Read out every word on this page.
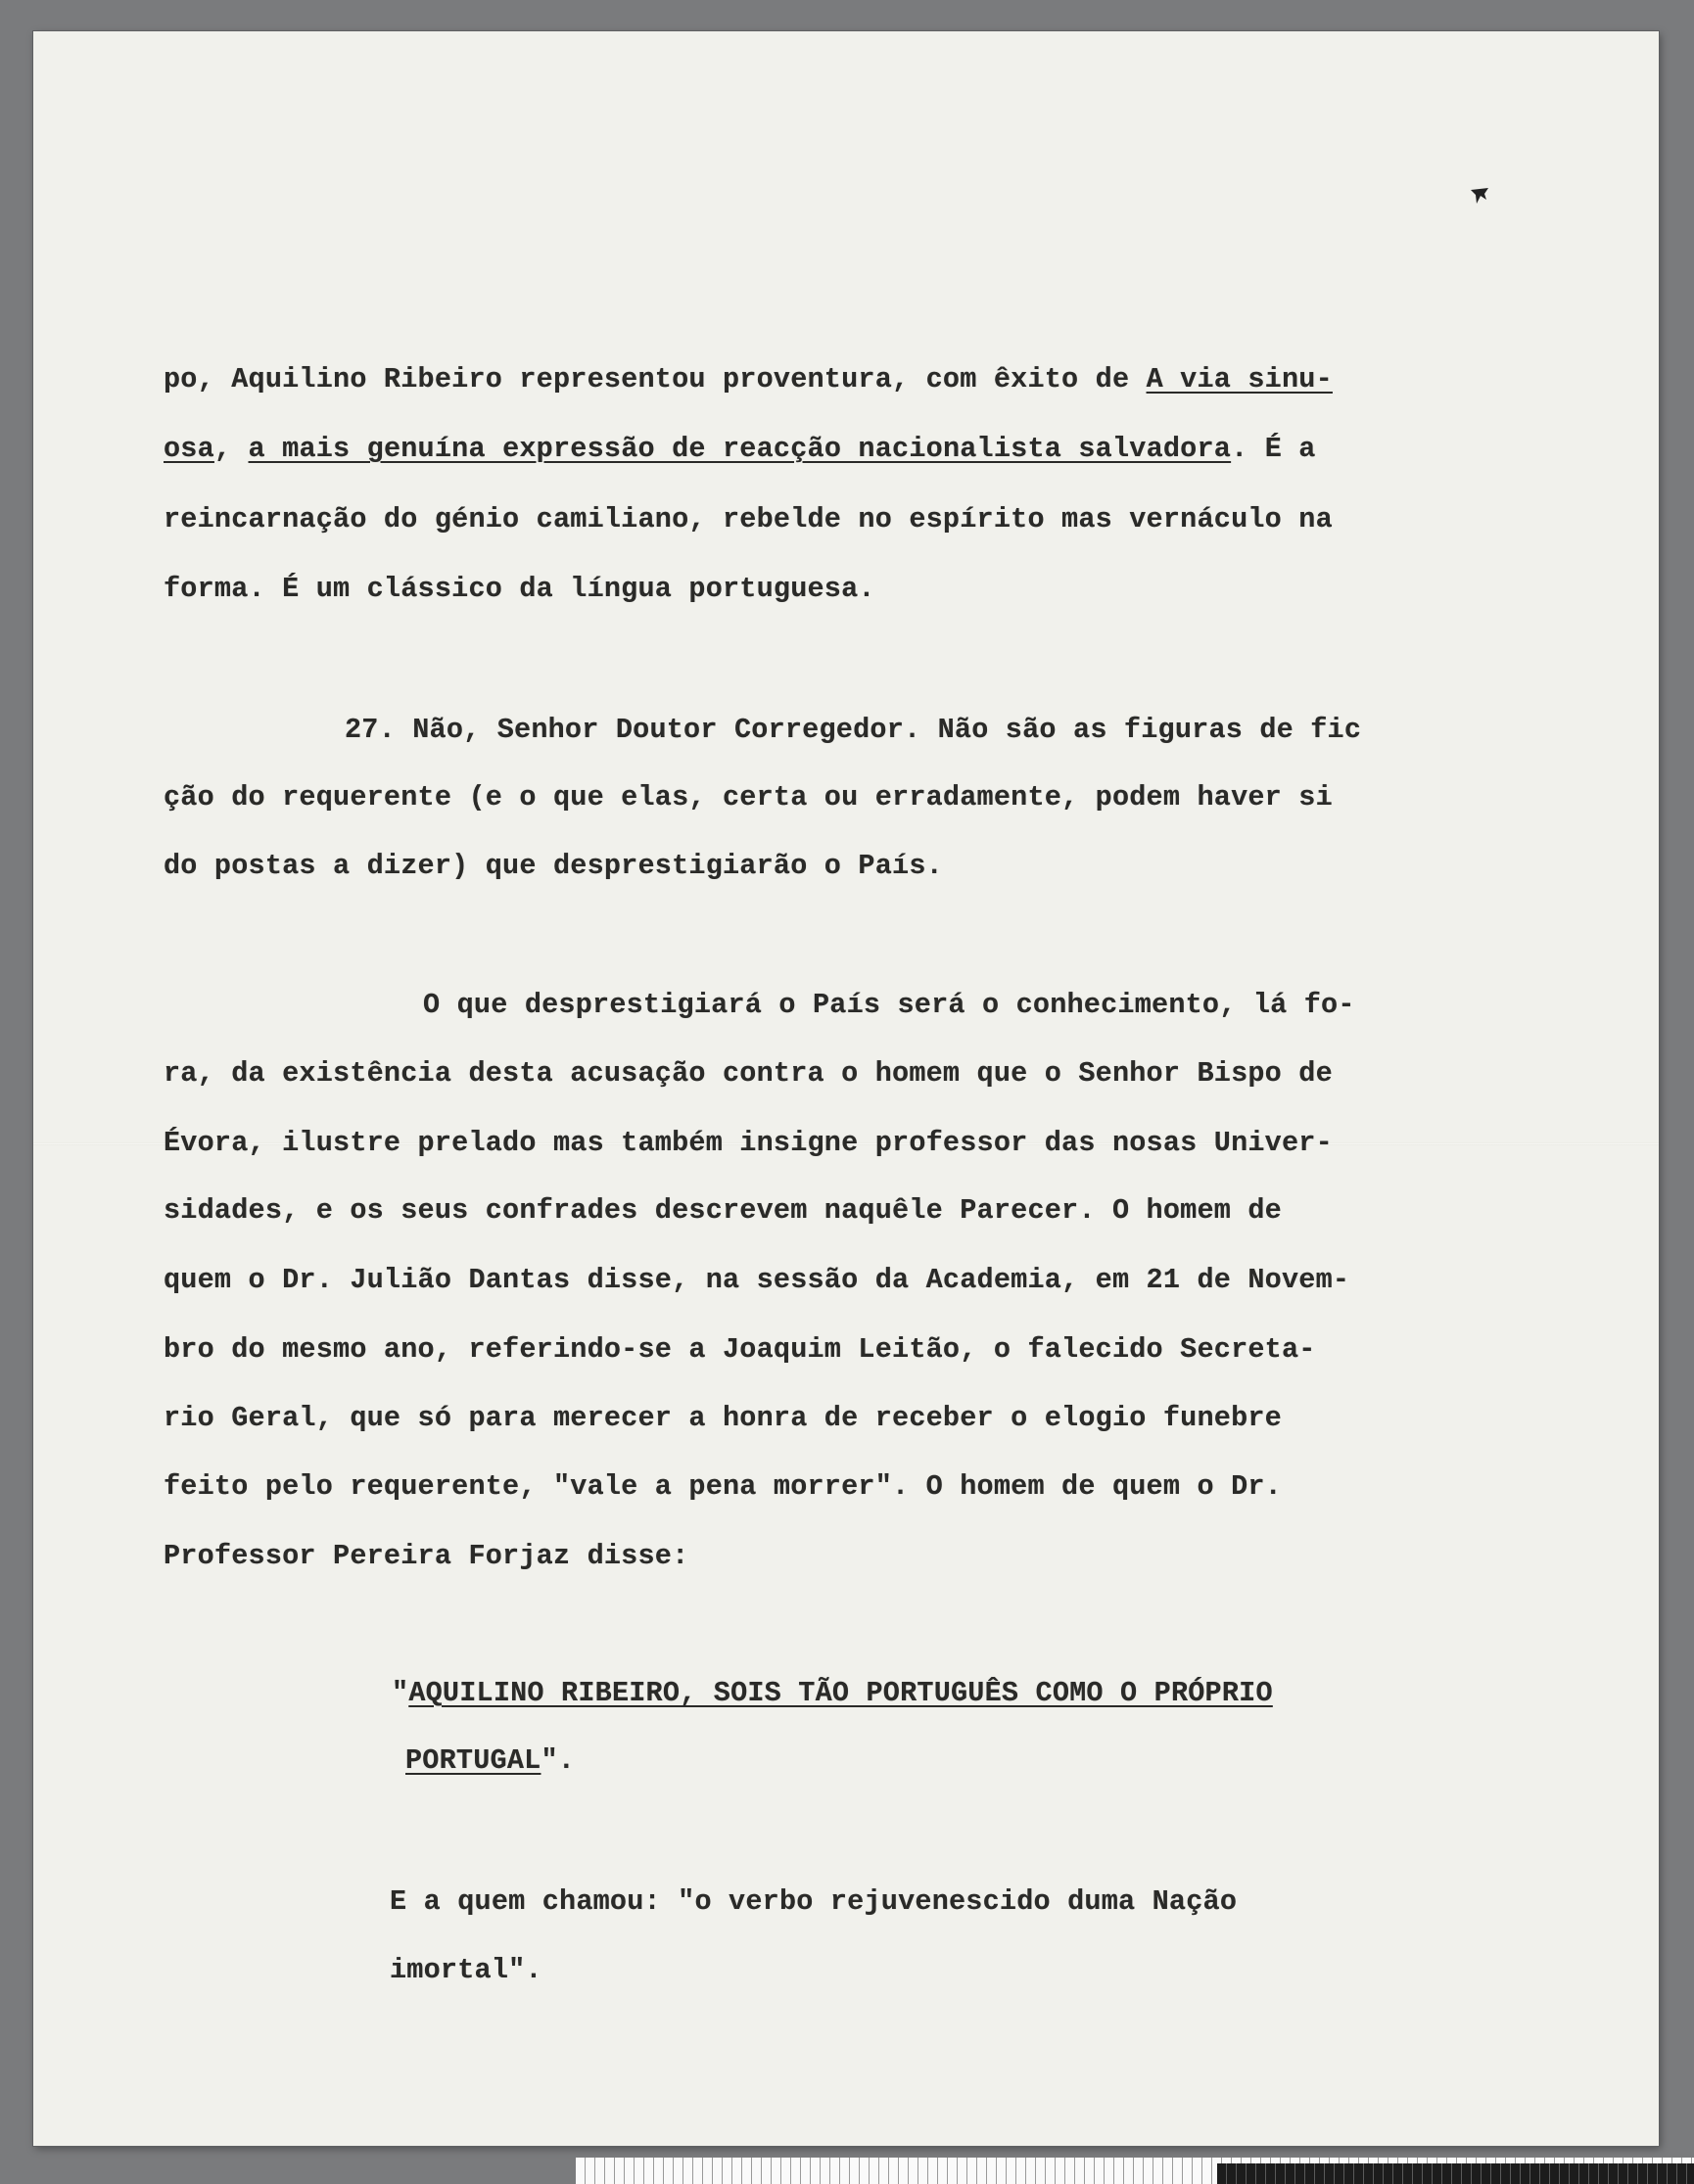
po, Aquilino Ribeiro representou proventura, com êxito de A via sinu-

osa, a mais genuína expressão de reacção nacionalista salvadora. É a

reincarnação do génio camiliano, rebelde no espírito mas vernáculo na

forma. É um clássico da língua portuguesa.

27. Não, Senhor Doutor Corregedor. Não são as figuras de fic

ção do requerente (e o que elas, certa ou erradamente, podem haver si

do postas a dizer) que desprestigiarão o País.

O que desprestigiará o País será o conhecimento, lá fo-

ra, da existência desta acusação contra o homem que o Senhor Bispo de

Évora, ilustre prelado mas também insigne professor das nosas Univer-

sidades, e os seus confrades descrevem naquêle Parecer. O homem de

quem o Dr. Julião Dantas disse, na sessão da Academia, em 21 de Novem-

bro do mesmo ano, referindo-se a Joaquim Leitão, o falecido Secreta-

rio Geral, que só para merecer a honra de receber o elogio funebre

feito pelo requerente, "vale a pena morrer". O homem de quem o Dr.

Professor Pereira Forjaz disse:

"AQUILINO RIBEIRO, SOIS TÃO PORTUGUÊS COMO O PRÓPRIO

PORTUGAL".

E a quem chamou: "o verbo rejuvenescido duma Nação

imortal".
